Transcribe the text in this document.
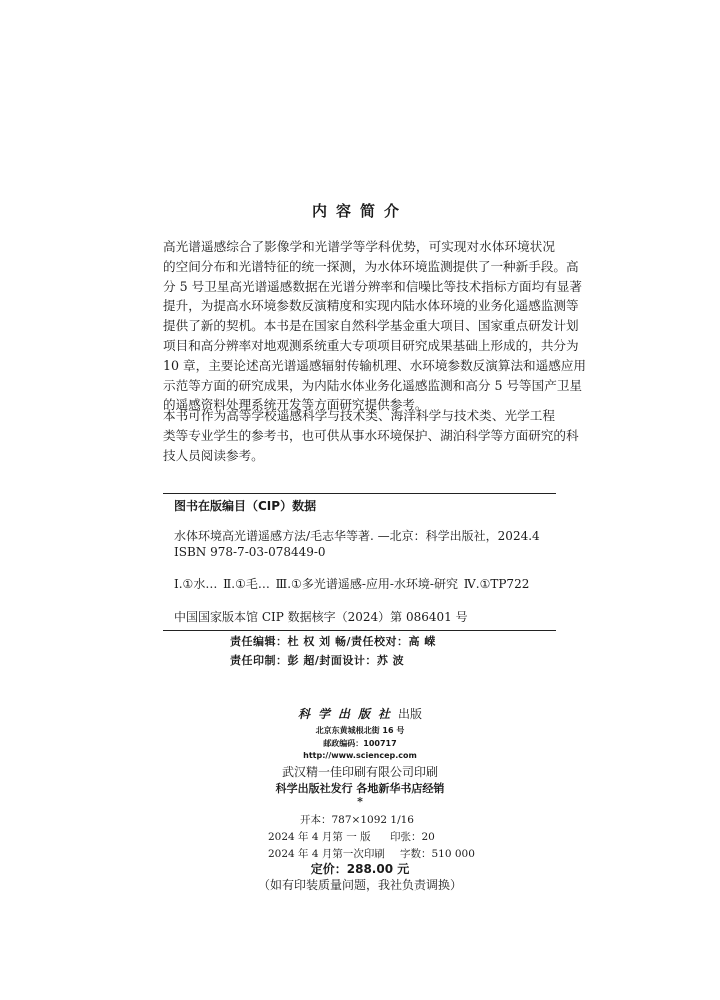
内容简介

高光谱遥感综合了影像学和光谱学等学科优势，可实现对水体环境状况
的空间分布和光谱特征的统一探测，为水体环境监测提供了一种新手段。高
分 5 号卫星高光谱遥感数据在光谱分辨率和信噪比等技术指标方面均有显著
提升，为提高水环境参数反演精度和实现内陆水体环境的业务化遥感监测等
提供了新的契机。本书是在国家自然科学基金重大项目、国家重点研发计划
项目和高分辨率对地观测系统重大专项项目研究成果基础上形成的，共分为
10 章，主要论述高光谱遥感辐射传输机理、水环境参数反演算法和遥感应用
示范等方面的研究成果，为内陆水体业务化遥感监测和高分 5 号等国产卫星
的遥感资料处理系统开发等方面研究提供参考。

本书可作为高等学校遥感科学与技术类、海洋科学与技术类、光学工程
类等专业学生的参考书，也可供从事水环境保护、湖泊科学等方面研究的科
技人员阅读参考。

图书在版编目（CIP）数据
水体环境高光谱遥感方法/毛志华等著. —北京：科学出版社，2024.4
ISBN 978-7-03-078449-0
Ⅰ.①水… Ⅱ.①毛… Ⅲ.①多光谱遥感-应用-水环境-研究 Ⅳ.①TP722
中国国家版本馆 CIP 数据核字（2024）第 086401 号
责任编辑：杜 权 刘 畅/责任校对：高 嵘
责任印制：彭 超/封面设计：苏 波
科学出版社出版
北京东黄城根北街 16 号
邮政编码：100717
http://www.sciencep.com
武汉精一佳印刷有限公司印刷
科学出版社发行 各地新华书店经销
*
开本：787×1092 1/16
2024 年 4 月第 一 版 印张：20
2024 年 4 月第一次印刷 字数：510 000
定价：288.00 元
（如有印装质量问题，我社负责调换）
